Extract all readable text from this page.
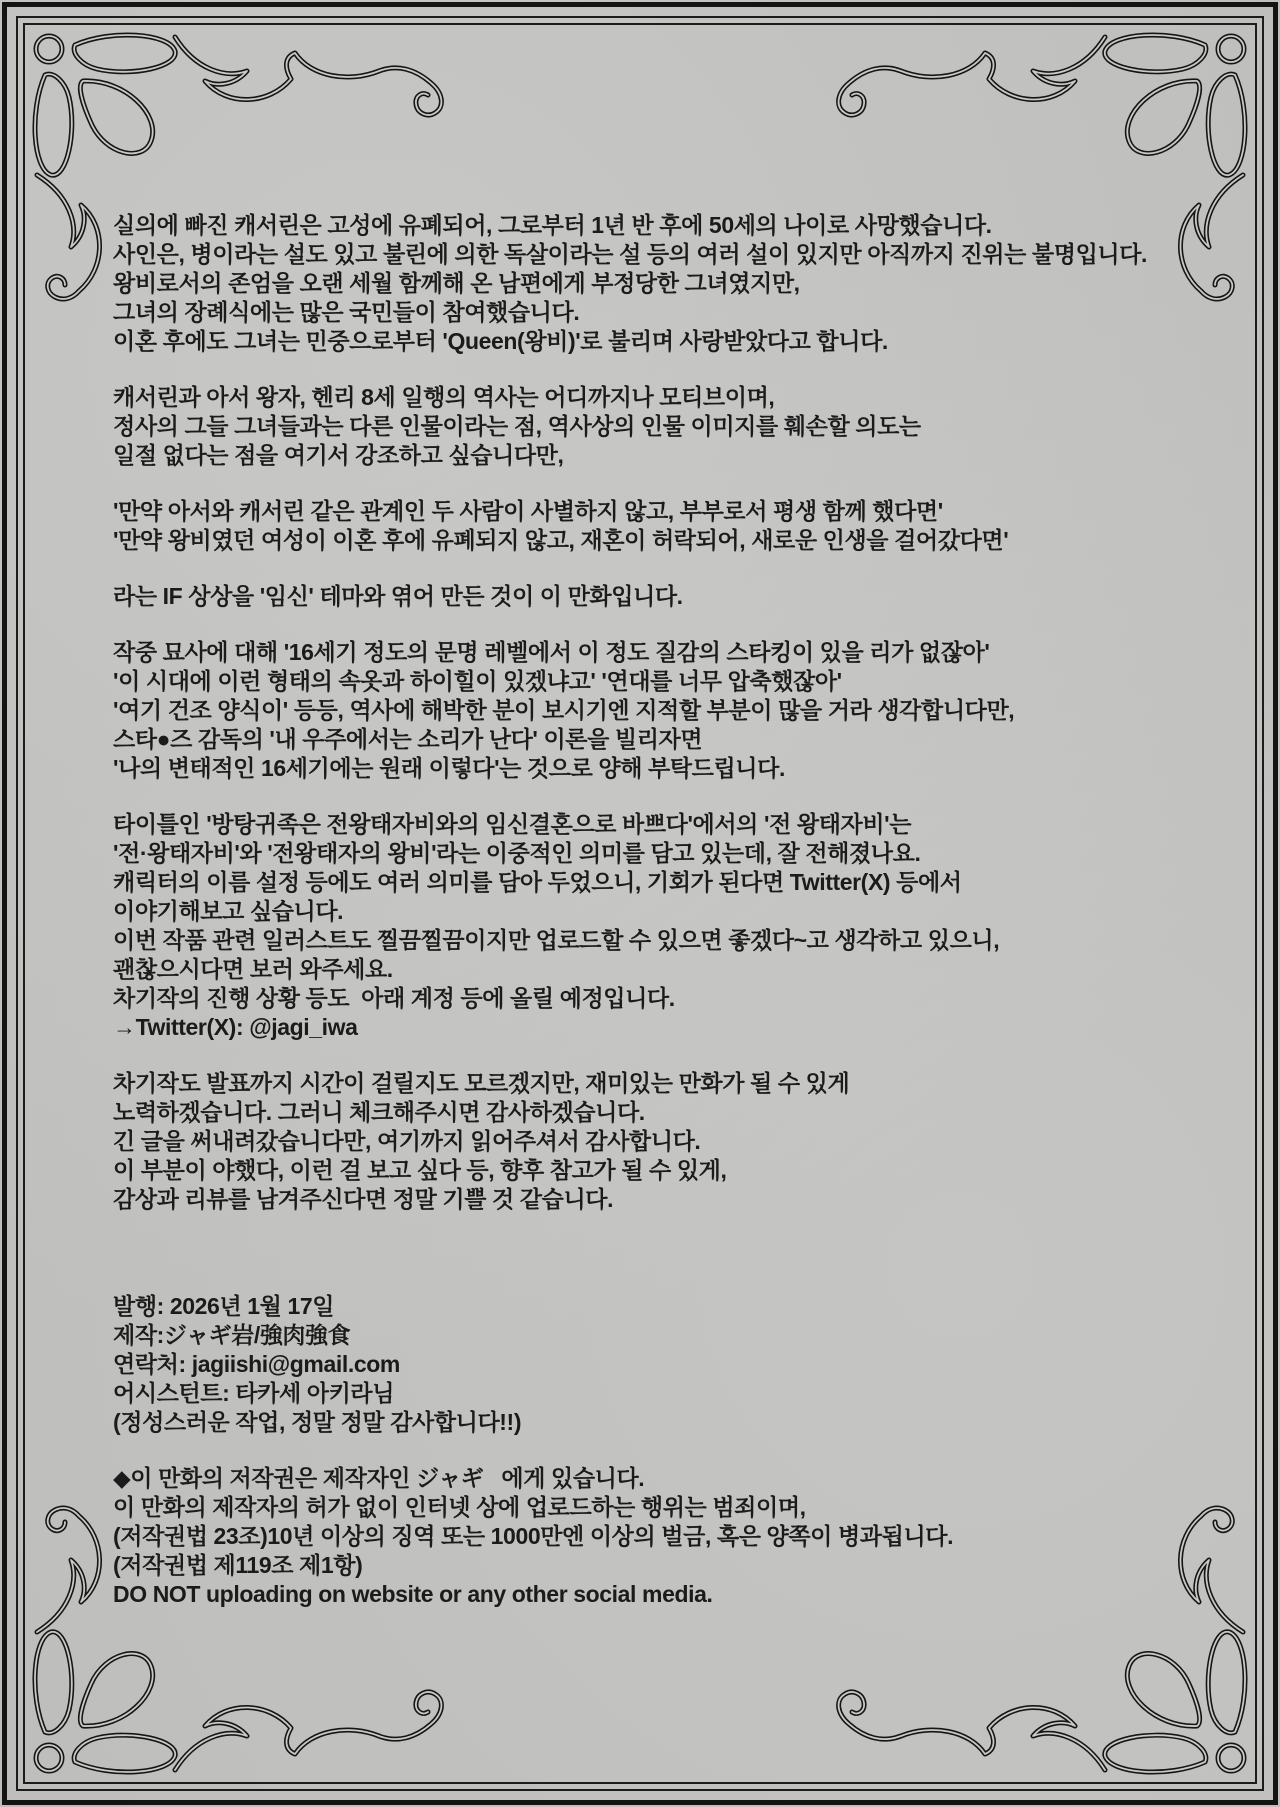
실의에 빠진 캐서린은 고성에 유폐되어, 그로부터 1년 반 후에 50세의 나이로 사망했습니다.
사인은, 병이라는 설도 있고 불린에 의한 독살이라는 설 등의 여러 설이 있지만 아직까지 진위는 불명입니다.
왕비로서의 존엄을 오랜 세월 함께해 온 남편에게 부정당한 그녀였지만,
그녀의 장례식에는 많은 국민들이 참여했습니다.
이혼 후에도 그녀는 민중으로부터 'Queen(왕비)'로 불리며 사랑받았다고 합니다.
캐서린과 아서 왕자, 헨리 8세 일행의 역사는 어디까지나 모티브이며,
정사의 그들 그녀들과는 다른 인물이라는 점, 역사상의 인물 이미지를 훼손할 의도는
일절 없다는 점을 여기서 강조하고 싶습니다만,
'만약 아서와 캐서린 같은 관계인 두 사람이 사별하지 않고, 부부로서 평생 함께 했다면'
'만약 왕비였던 여성이 이혼 후에 유폐되지 않고, 재혼이 허락되어, 새로운 인생을 걸어갔다면'
라는 IF 상상을 '임신' 테마와 엮어 만든 것이 이 만화입니다.
작중 묘사에 대해 '16세기 정도의 문명 레벨에서 이 정도 질감의 스타킹이 있을 리가 없잖아'
'이 시대에 이런 형태의 속옷과 하이힐이 있겠냐고' '연대를 너무 압축했잖아'
'여기 건조 양식이' 등등, 역사에 해박한 분이 보시기엔 지적할 부분이 많을 거라 생각합니다만,
스타●즈 감독의 '내 우주에서는 소리가 난다' 이론을 빌리자면
'나의 변태적인 16세기에는 원래 이렇다'는 것으로 양해 부탁드립니다.
타이틀인 '방탕귀족은 전왕태자비와의 임신결혼으로 바쁘다'에서의 '전 왕태자비'는
'전·왕태자비'와 '전왕태자의 왕비'라는 이중적인 의미를 담고 있는데, 잘 전해졌나요.
캐릭터의 이름 설정 등에도 여러 의미를 담아 두었으니, 기회가 된다면 Twitter(X) 등에서
이야기해보고 싶습니다.
이번 작품 관련 일러스트도 찔끔찔끔이지만 업로드할 수 있으면 좋겠다~고 생각하고 있으니,
괜찮으시다면 보러 와주세요.
차기작의 진행 상황 등도  아래 계정 등에 올릴 예정입니다.
→Twitter(X): @jagi_iwa
차기작도 발표까지 시간이 걸릴지도 모르겠지만, 재미있는 만화가 될 수 있게
노력하겠습니다. 그러니 체크해주시면 감사하겠습니다.
긴 글을 써내려갔습니다만, 여기까지 읽어주셔서 감사합니다.
이 부분이 야했다, 이런 걸 보고 싶다 등, 향후 참고가 될 수 있게,
감상과 리뷰를 남겨주신다면 정말 기쁠 것 같습니다.
발행: 2026년 1월 17일
제작:ジャギ岩/強肉強食
연락처: jagiishi@gmail.com
어시스턴트: 타카세 아키라님
(정성스러운 작업, 정말 정말 감사합니다!!)
◆이 만화의 저작권은 제작자인 ジャギ   에게 있습니다.
이 만화의 제작자의 허가 없이 인터넷 상에 업로드하는 행위는 범죄이며,
(저작권법 23조)10년 이상의 징역 또는 1000만엔 이상의 벌금, 혹은 양쪽이 병과됩니다.
(저작권법 제119조 제1항)
DO NOT uploading on website or any other social media.
